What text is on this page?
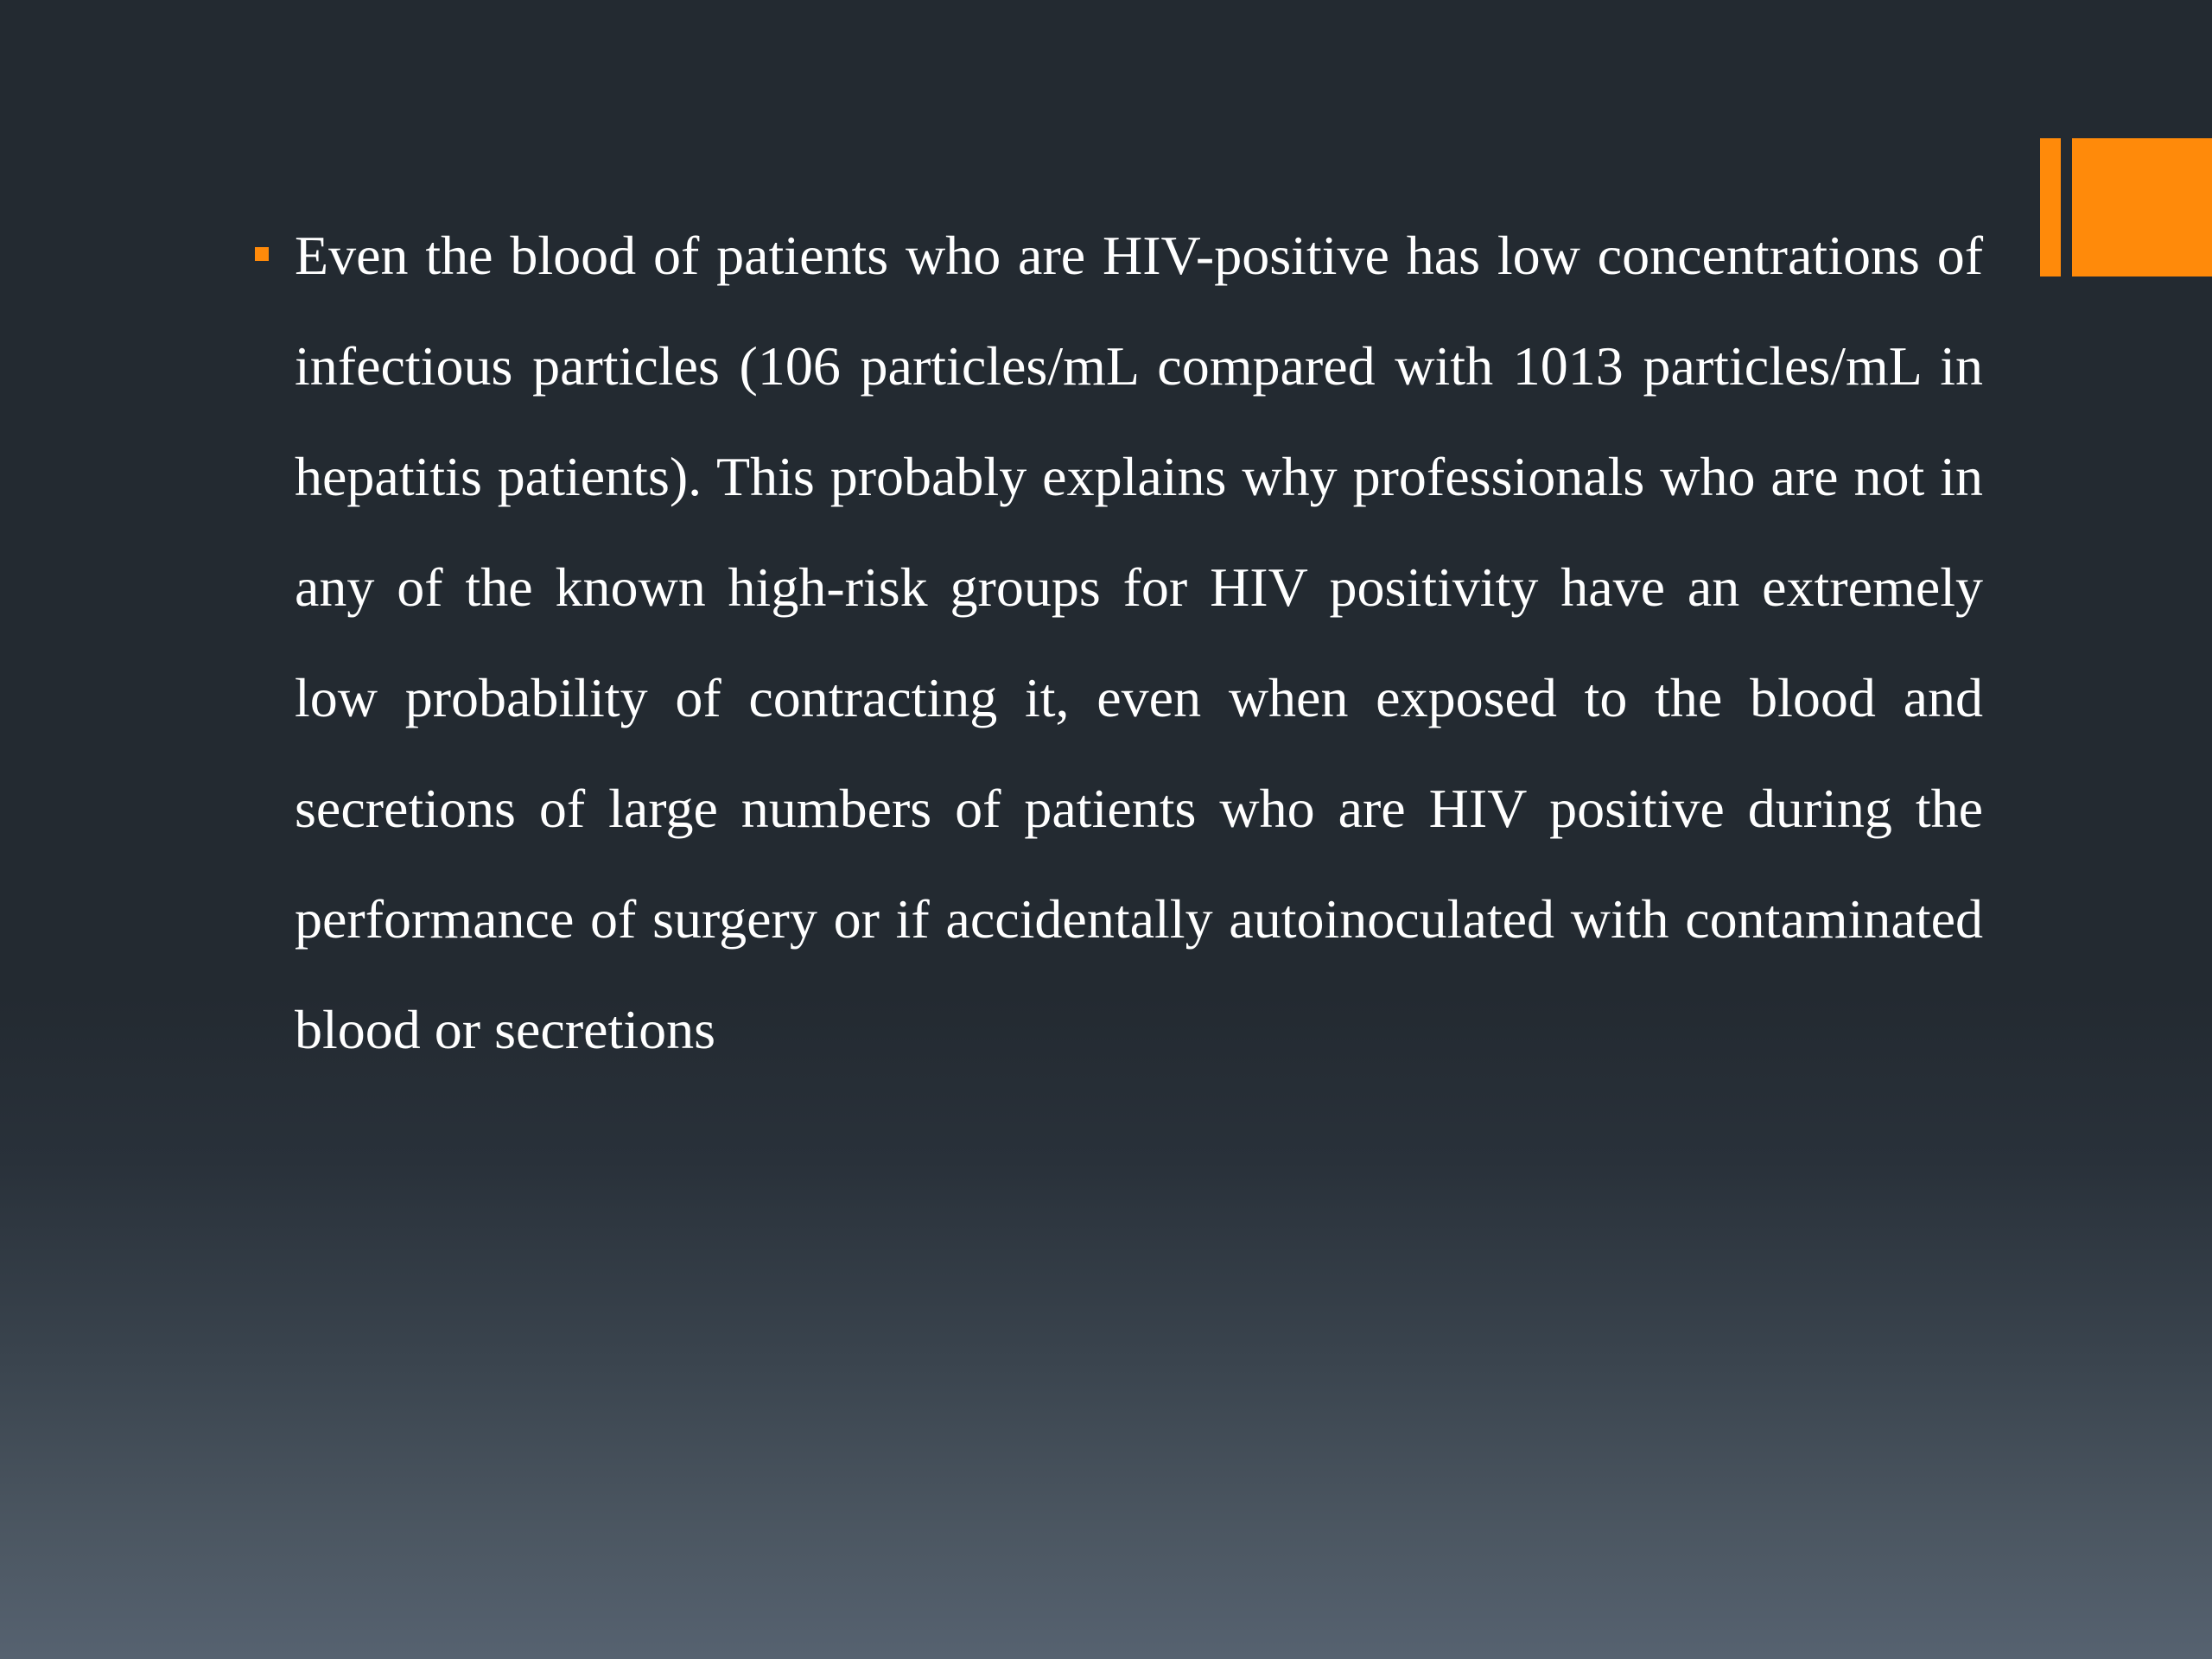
Even the blood of patients who are HIV-positive has low concentrations of infectious particles (106 particles/mL compared with 1013 particles/mL in hepatitis patients). This probably explains why professionals who are not in any of the known high-risk groups for HIV positivity have an extremely low probability of contracting it, even when exposed to the blood and secretions of large numbers of patients who are HIV positive during the performance of surgery or if accidentally autoinoculated with contaminated blood or secretions
